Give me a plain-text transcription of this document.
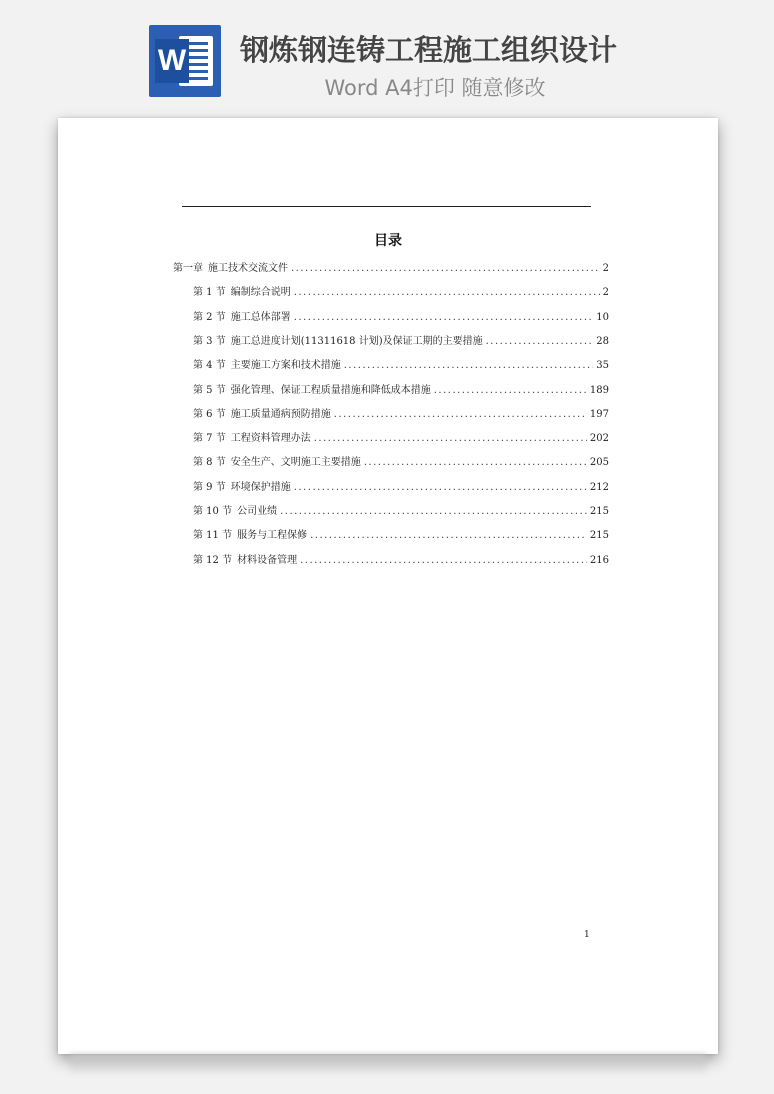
W 钢炼钢连铸工程施工组织设计
Word A4打印 随意修改
目录
第一章 施工技术交流文件 .....	2
第 1 节 编制综合说明 .....	2
第 2 节 施工总体部署 .....	10
第 3 节 施工总进度计划(11311618 计划)及保证工期的主要措施 .....	28
第 4 节 主要施工方案和技术措施 .....	35
第 5 节 强化管理、保证工程质量措施和降低成本措施 .....	189
第 6 节 施工质量通病预防措施 .....	197
第 7 节 工程资料管理办法 .....	202
第 8 节 安全生产、文明施工主要措施 .....	205
第 9 节 环境保护措施 .....	212
第 10 节 公司业绩 .....	215
第 11 节 服务与工程保修 .....	215
第 12 节 材料设备管理 .....	216
1
